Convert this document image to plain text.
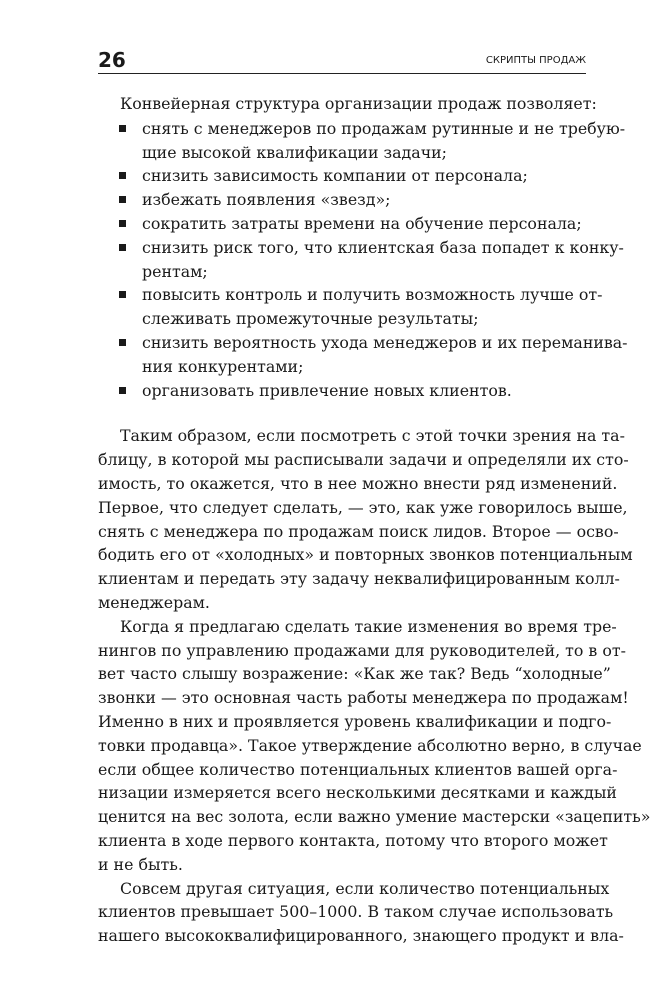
26	СКРИПТЫ ПРОДАЖ
Конвейерная структура организации продаж позволяет:
снять с менеджеров по продажам рутинные и не требую-
щие высокой квалификации задачи;
снизить зависимость компании от персонала;
избежать появления «звезд»;
сократить затраты времени на обучение персонала;
снизить риск того, что клиентская база попадет к конку-
рентам;
повысить контроль и получить возможность лучше от-
слеживать промежуточные результаты;
снизить вероятность ухода менеджеров и их переманива-
ния конкурентами;
организовать привлечение новых клиентов.
Таким образом, если посмотреть с этой точки зрения на та-
блицу, в которой мы расписывали задачи и определяли их сто-
имость, то окажется, что в нее можно внести ряд изменений.
Первое, что следует сделать, — это, как уже говорилось выше,
снять с менеджера по продажам поиск лидов. Второе — осво-
бодить его от «холодных» и повторных звонков потенциальным
клиентам и передать эту задачу неквалифицированным колл-
менеджерам.
Когда я предлагаю сделать такие изменения во время тре-
нингов по управлению продажами для руководителей, то в от-
вет часто слышу возражение: «Как же так? Ведь “холодные”
звонки — это основная часть работы менеджера по продажам!
Именно в них и проявляется уровень квалификации и подго-
товки продавца». Такое утверждение абсолютно верно, в случае
если общее количество потенциальных клиентов вашей орга-
низации измеряется всего несколькими десятками и каждый
ценится на вес золота, если важно умение мастерски «зацепить»
клиента в ходе первого контакта, потому что второго может
и не быть.
Совсем другая ситуация, если количество потенциальных
клиентов превышает 500–1000. В таком случае использовать
нашего высококвалифицированного, знающего продукт и вла-
